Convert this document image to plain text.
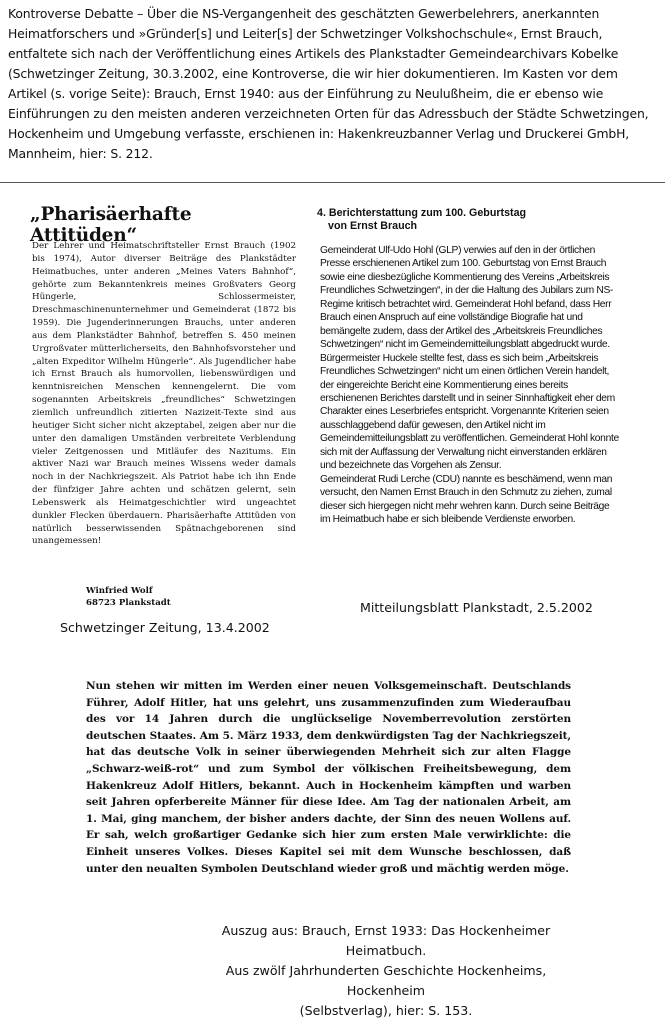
Kontroverse Debatte – Über die NS-Vergangenheit des geschätzten Gewerbelehrers, anerkannten Heimatforschers und »Gründer[s] und Leiter[s] der Schwetzinger Volkshochschule«, Ernst Brauch, entfaltete sich nach der Veröffentlichung eines Artikels des Plankstadter Gemeindearchivars Kobelke (Schwetzinger Zeitung, 30.3.2002, eine Kontroverse, die wir hier dokumentieren. Im Kasten vor dem Artikel (s. vorige Seite): Brauch, Ernst 1940: aus der Einführung zu Neulußheim, die er ebenso wie Einführungen zu den meisten anderen verzeichneten Orten für das Adressbuch der Städte Schwetzingen, Hockenheim und Umgebung verfasste, erschienen in: Hakenkreuzbanner Verlag und Druckerei GmbH, Mannheim, hier: S. 212.
„Pharisäerhafte Attitüden“
Der Lehrer und Heimatschriftsteller Ernst Brauch (1902 bis 1974), Autor diverser Beiträge des Plankstädter Heimatbuches, unter anderen „Meines Vaters Bahnhof“, gehörte zum Bekanntenkreis meines Großvaters Georg Hüngerle, Schlossermeister, Dreschmaschinenunternehmer und Gemeinderat (1872 bis 1959). Die Jugenderinnerungen Brauchs, unter anderen aus dem Plankstädter Bahnhof, betreffen S. 450 meinen Urgroßvater mütterlicherseits, den Bahnhofsvorsteher und „alten Expeditor Wilhelm Hüngerle“. Als Jugendlicher habe ich Ernst Brauch als humorvollen, liebenswürdigen und kenntnisreichen Menschen kennengelernt. Die vom sogenannten Arbeitskreis „freundliches“ Schwetzingen ziemlich unfreundlich zitierten Nazizeit-Texte sind aus heutiger Sicht sicher nicht akzeptabel, zeigen aber nur die unter den damaligen Umständen verbreitete Verblendung vieler Zeitgenossen und Mitläufer des Nazitums. Ein aktiver Nazi war Brauch meines Wissens weder damals noch in der Nachkriegszeit. Als Patriot habe ich ihn Ende der fünfziger Jahre achten und schätzen gelernt, sein Lebenswerk als Heimatgeschichtler wird ungeachtet dunkler Flecken überdauern. Pharisäerhafte Attitüden von natürlich besserwissenden Spätnachgeborenen sind unangemessen!
Winfried Wolf
68723 Plankstadt
Schwetzinger Zeitung, 13.4.2002
4. Berichterstattung zum 100. Geburtstag
von Ernst Brauch

Gemeinderat Ulf-Udo Hohl (GLP) verwies auf den in der örtlichen Presse erschienenen Artikel zum 100. Geburtstag von Ernst Brauch sowie eine diesbezügliche Kommentierung des Vereins „Arbeitskreis Freundliches Schwetzingen“, in der die Haltung des Jubilars zum NS-Regime kritisch betrachtet wird. Gemeinderat Hohl befand, dass Herr Brauch einen Anspruch auf eine vollständige Biografie hat und bemängelte zudem, dass der Artikel des „Arbeitskreis Freundliches Schwetzingen“ nicht im Gemeindemitteilungsblatt abgedruckt wurde.

Bürgermeister Huckele stellte fest, dass es sich beim „Arbeitskreis Freundliches Schwetzingen“ nicht um einen örtlichen Verein handelt, der eingereichte Bericht eine Kommentierung eines bereits erschienenen Berichtes darstellt und in seiner Sinnhaftigkeit eher dem Charakter eines Leserbriefes entspricht. Vorgenannte Kriterien seien ausschlaggebend dafür gewesen, den Artikel nicht im Gemeindemitteilungsblatt zu veröffentlichen. Gemeinderat Hohl konnte sich mit der Auffassung der Verwaltung nicht einverstanden erklären und bezeichnete das Vorgehen als Zensur.

Gemeinderat Rudi Lerche (CDU) nannte es beschämend, wenn man versucht, den Namen Ernst Brauch in den Schmutz zu ziehen, zumal dieser sich hiergegen nicht mehr wehren kann. Durch seine Beiträge im Heimatbuch habe er sich bleibende Verdienste erworben.

Mitteilungsblatt Plankstadt, 2.5.2002
Nun stehen wir mitten im Werden einer neuen Volksgemeinschaft. Deutschlands Führer, Adolf Hitler, hat uns gelehrt, uns zusammenzufinden zum Wiederaufbau des vor 14 Jahren durch die unglückselige Novemberrevolution zerstörten deutschen Staates. Am 5. März 1933, dem denkwürdigsten Tag der Nachkriegszeit, hat das deutsche Volk in seiner überwiegenden Mehrheit sich zur alten Flagge „Schwarz-weiß-rot“ und zum Symbol der völkischen Freiheitsbewegung, dem Hakenkreuz Adolf Hitlers, bekannt. Auch in Hockenheim kämpften und warben seit Jahren opferbereite Männer für diese Idee. Am Tag der nationalen Arbeit, am 1. Mai, ging manchem, der bisher anders dachte, der Sinn des neuen Wollens auf. Er sah, welch großartiger Gedanke sich hier zum ersten Male verwirklichte: die Einheit unseres Volkes. Dieses Kapitel sei mit dem Wunsche beschlossen, daß unter den neualten Symbolen Deutschland wieder groß und mächtig werden möge.
Auszug aus: Brauch, Ernst 1933: Das Hockenheimer Heimatbuch.
Aus zwölf Jahrhunderten Geschichte Hockenheims, Hockenheim
(Selbstverlag), hier: S. 153.
